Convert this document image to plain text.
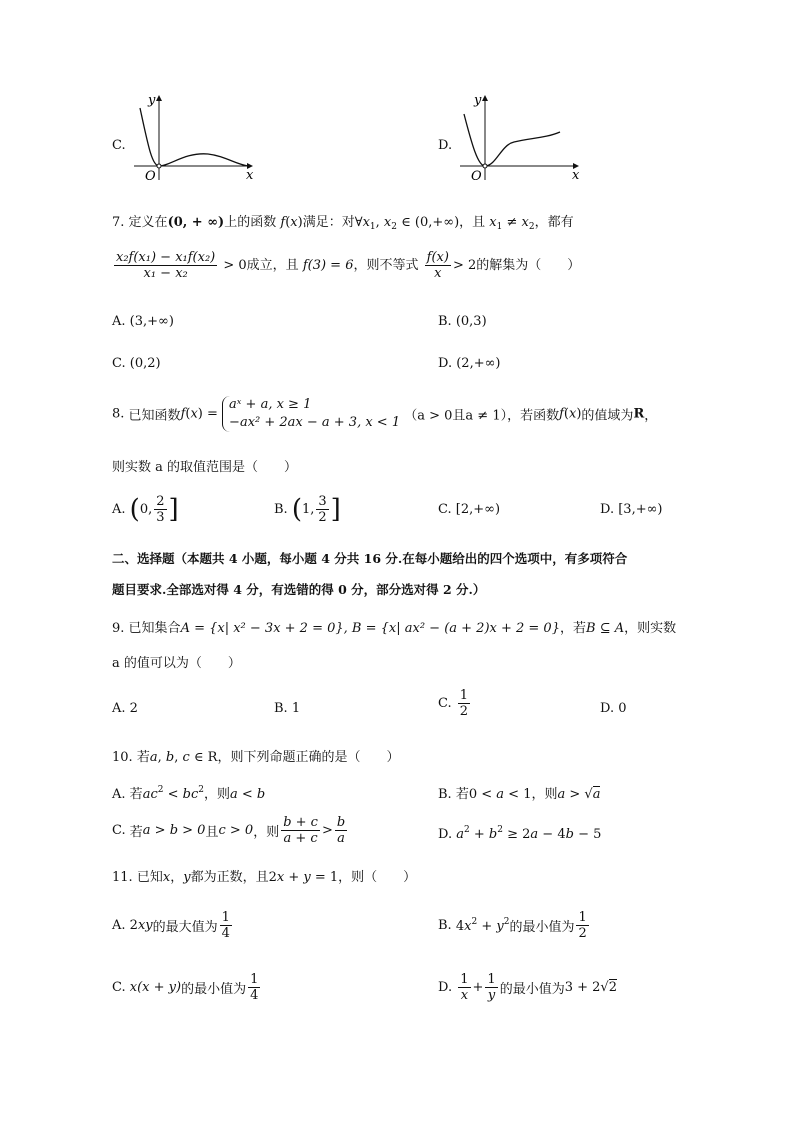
C.
y
x
O
D.
y
x
O
7. 定义在(0, + ∞)上的函数 f(x)满足：对$\forall x_1$, $x_2$ ∈ (0,+∞)，且 $x_1 \ne x_2$，都有
$\frac{\text{x₂f(x₁) − x₁f(x₂)}}{\text{x₁ − x₂}} > 0$成立，且 f(3) = 6，则不等式 $\frac{f(x)}{x} > 2$的解集为（　　）
A. (3,+∞)	B. (0,3)
C. (0,2)	D. (2,+∞)
8. 已知函数f(x) = aˣ + a, x ≥ 1
−ax² + 2ax − a + 3, x < 1 （a > 0且a ≠ 1），若函数f(x)的值域为R，
则实数 a 的取值范围是（　　）
A. (0, $\frac{2}{3}$ ]	B. (1, $\frac{3}{2}$ ]	C. [2,+∞)	D. [3,+∞)
二、选择题（本题共 4 小题，每小题 4 分共 16 分.在每小题给出的四个选项中，有多项符合
题目要求.全部选对得 4 分，有选错的得 0 分，部分选对得 2 分.）
9. 已知集合A = {x| x² − 3x + 2 = 0}, B = {x| ax² − (a + 2)x + 2 = 0}，若B ⊆ A，则实数
a 的值可以为（　　）
A. 2	B. 1	C. $\frac{1}{2}$	D. 0
10. 若a, b, c ∈ R，则下列命题正确的是（　　）
A. 若$ac^2 < bc^2$，则a < b	B. 若0 < a < 1，则a > √a
C. 若a > b > 0且c > 0，则 $\frac{b + c}{a + c} > \frac{b}{a}$	D. $a^2 + b^2 \ge 2a - 4b - 5$
11. 已知x，y都为正数，且2x + y = 1，则（　　）
A. 2xy的最大值为 $\frac{1}{4}$	B. $4x^2 + y^2$的最小值为 $\frac{1}{2}$
C. x(x + y)的最小值为 $\frac{1}{4}$	D. $\frac{1}{x} + \frac{1}{y}$ 的最小值为3 + 2√2
